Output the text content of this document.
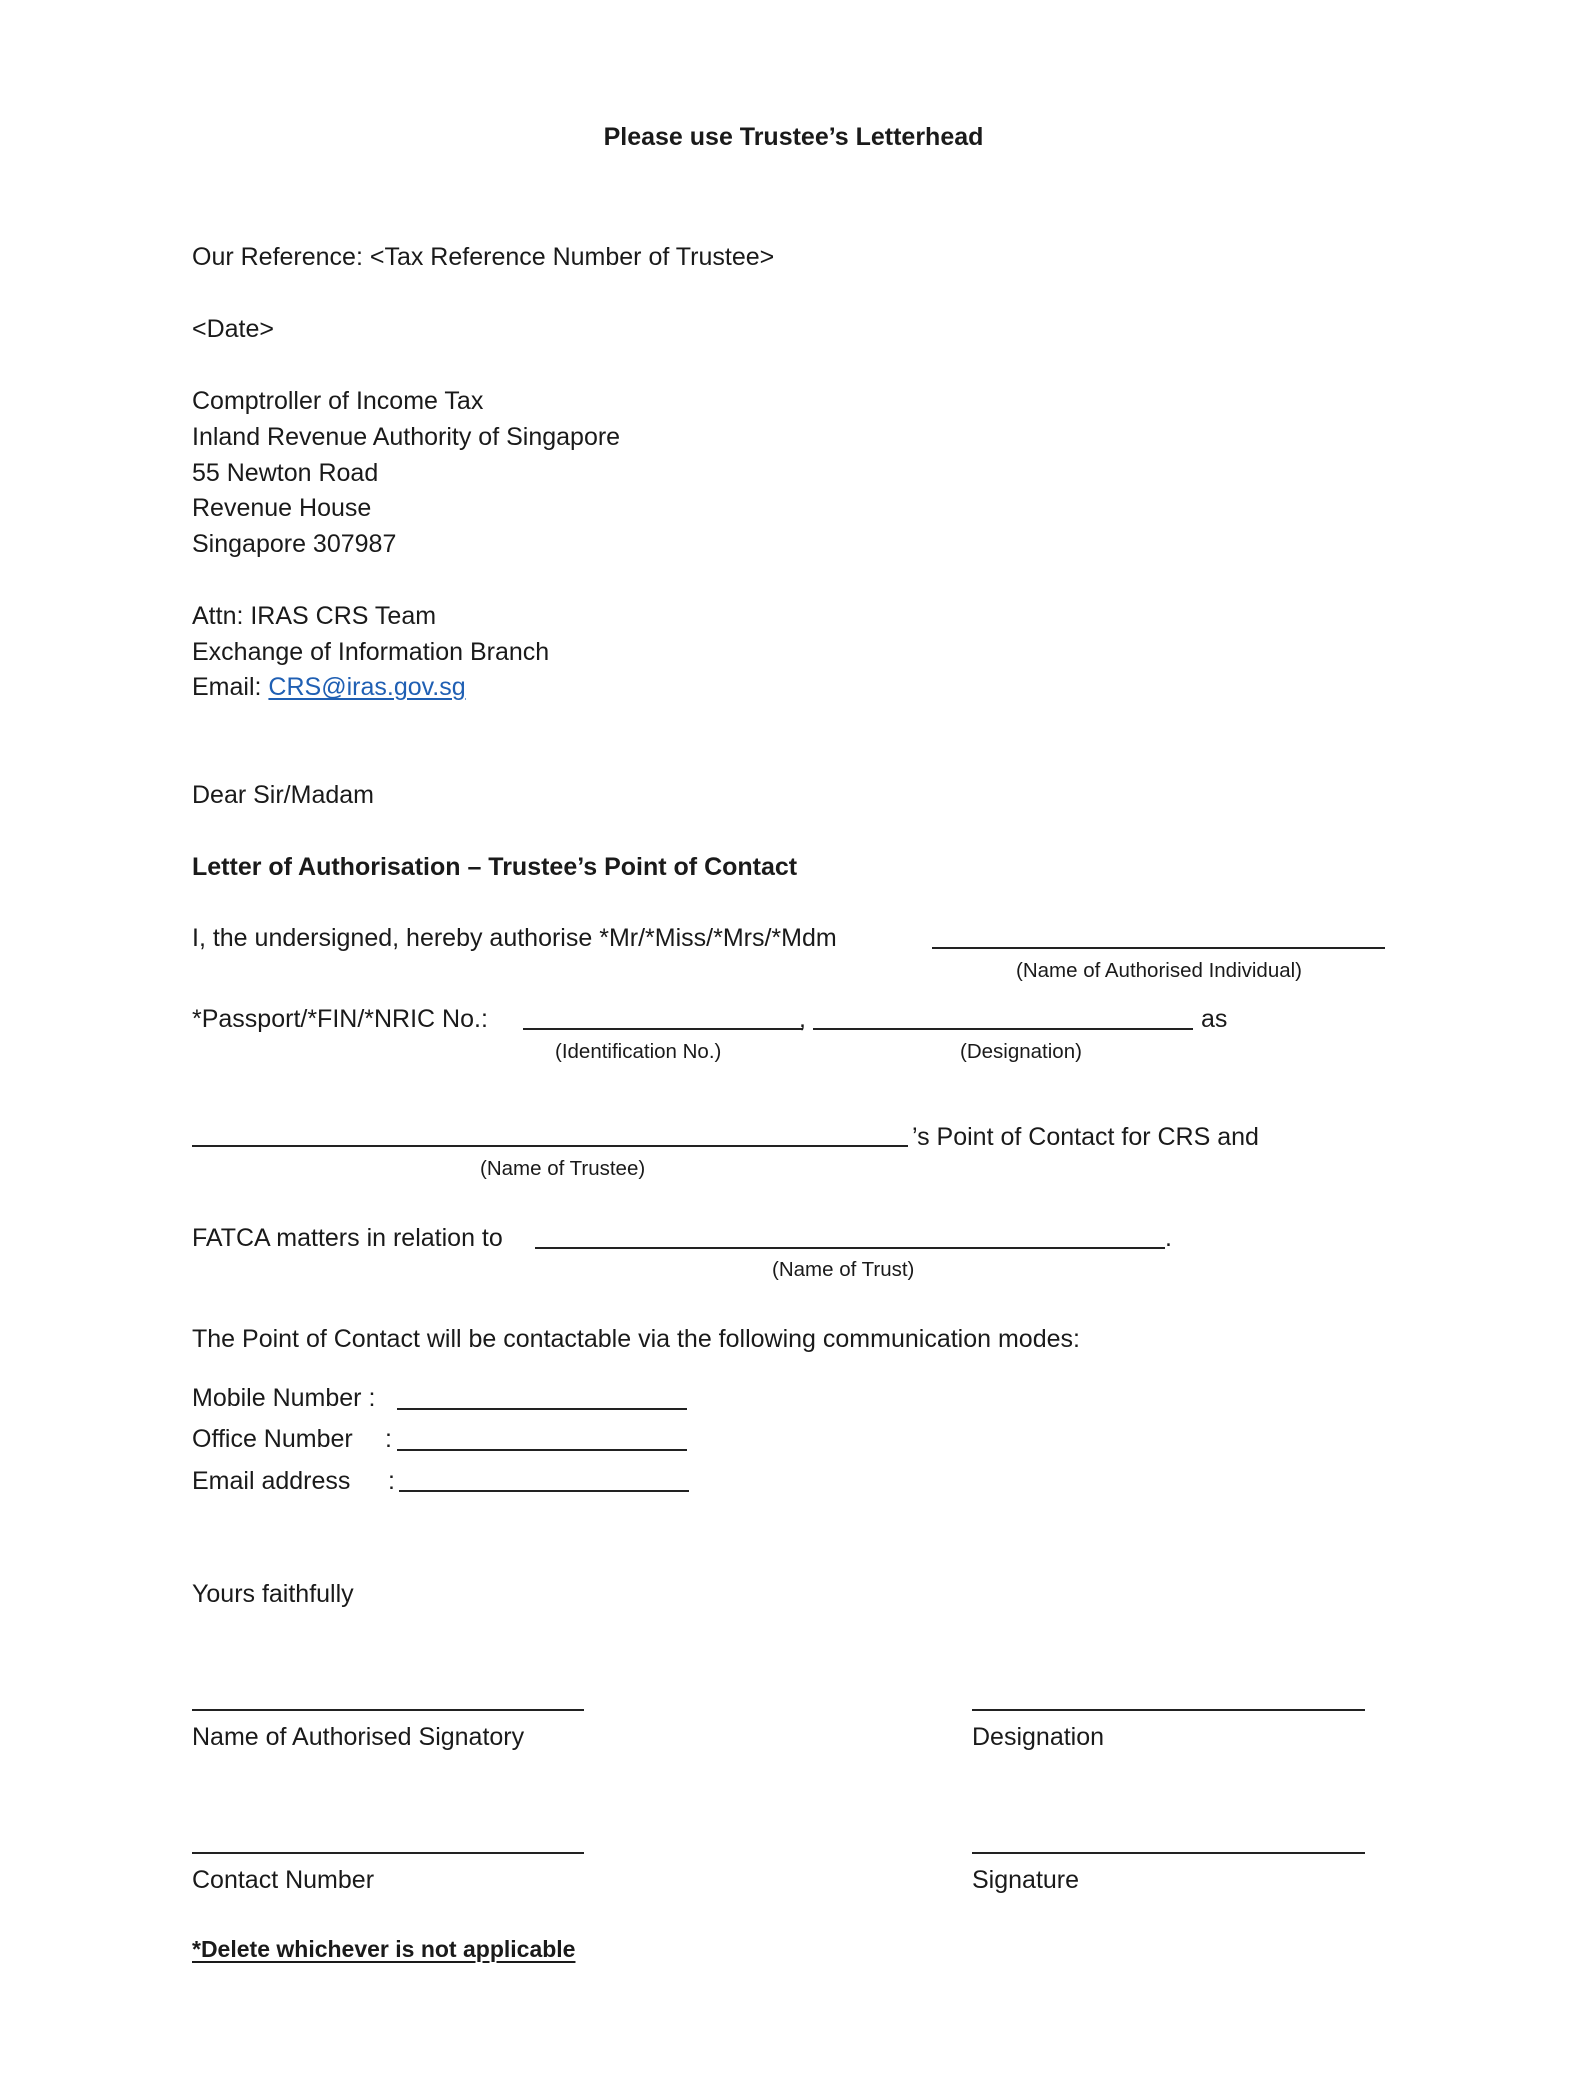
Please use Trustee’s Letterhead
Our Reference: <Tax Reference Number of Trustee>
<Date>
Comptroller of Income Tax
Inland Revenue Authority of Singapore
55 Newton Road
Revenue House
Singapore 307987
Attn: IRAS CRS Team
Exchange of Information Branch
Email: CRS@iras.gov.sg
Dear Sir/Madam
Letter of Authorisation – Trustee’s Point of Contact
I, the undersigned, hereby authorise *Mr/*Miss/*Mrs/*Mdm
(Name of Authorised Individual)
*Passport/*FIN/*NRIC No.:	,	as
(Identification No.)	(Designation)
’s Point of Contact for CRS and
(Name of Trustee)
FATCA matters in relation to	.
(Name of Trust)
The Point of Contact will be contactable via the following communication modes:
Mobile Number :
Office Number :
Email address :
Yours faithfully
Name of Authorised Signatory	Designation
Contact Number	Signature
*Delete whichever is not applicable
